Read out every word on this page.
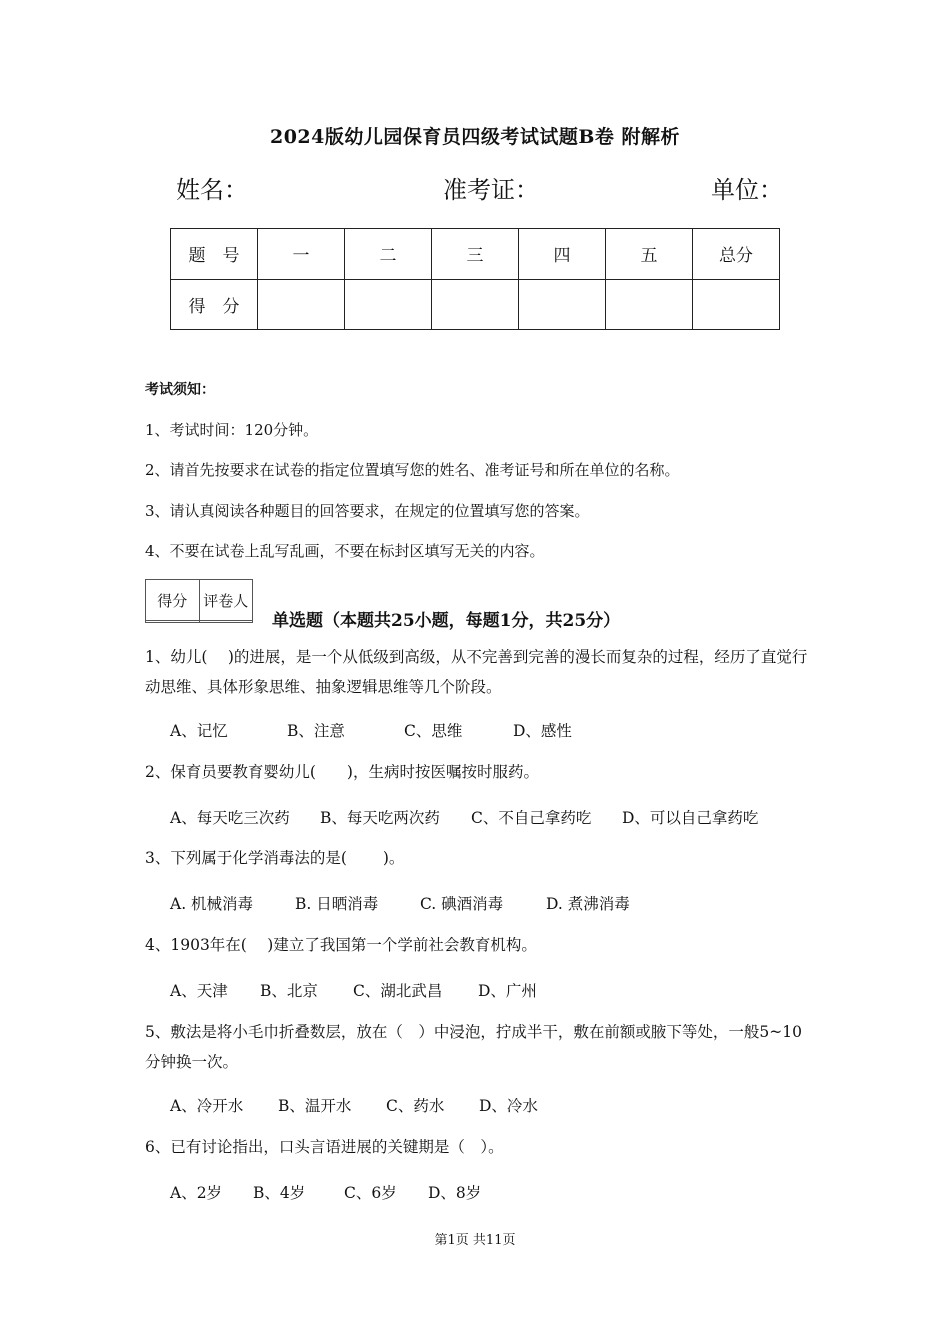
2024版幼儿园保育员四级考试试题B卷 附解析
姓名：	准考证：	单位：
题　号	一	二	三	四	五	总分
得　分						
考试须知：
1、考试时间：120分钟。
2、请首先按要求在试卷的指定位置填写您的姓名、准考证号和所在单位的名称。
3、请认真阅读各种题目的回答要求，在规定的位置填写您的答案。
4、不要在试卷上乱写乱画，不要在标封区填写无关的内容。
得分	评卷人

单选题（本题共25小题，每题1分，共25分）
1、幼儿(　 )的进展，是一个从低级到高级，从不完善到完善的漫长而复杂的过程，经历了直觉行动思维、具体形象思维、抽象逻辑思维等几个阶段。
A、记忆	B、注意	C、思维	D、感性
2、保育员要教育婴幼儿(　　)，生病时按医嘱按时服药。
A、每天吃三次药 B、每天吃两次药 C、不自己拿药吃 D、可以自己拿药吃
3、下列属于化学消毒法的是(　　 )。
A. 机械消毒	B. 日晒消毒	C. 碘酒消毒	D. 煮沸消毒
4、1903年在(　 )建立了我国第一个学前社会教育机构。
A、天津 B、北京 C、湖北武昌 D、广州
5、敷法是将小毛巾折叠数层，放在（　）中浸泡，拧成半干，敷在前额或腋下等处，一般5~10分钟换一次。
A、冷开水 B、温开水 C、药水 D、冷水
6、已有讨论指出，口头言语进展的关键期是（　）。
A、2岁 B、4岁 C、6岁 D、8岁
第1页 共11页
